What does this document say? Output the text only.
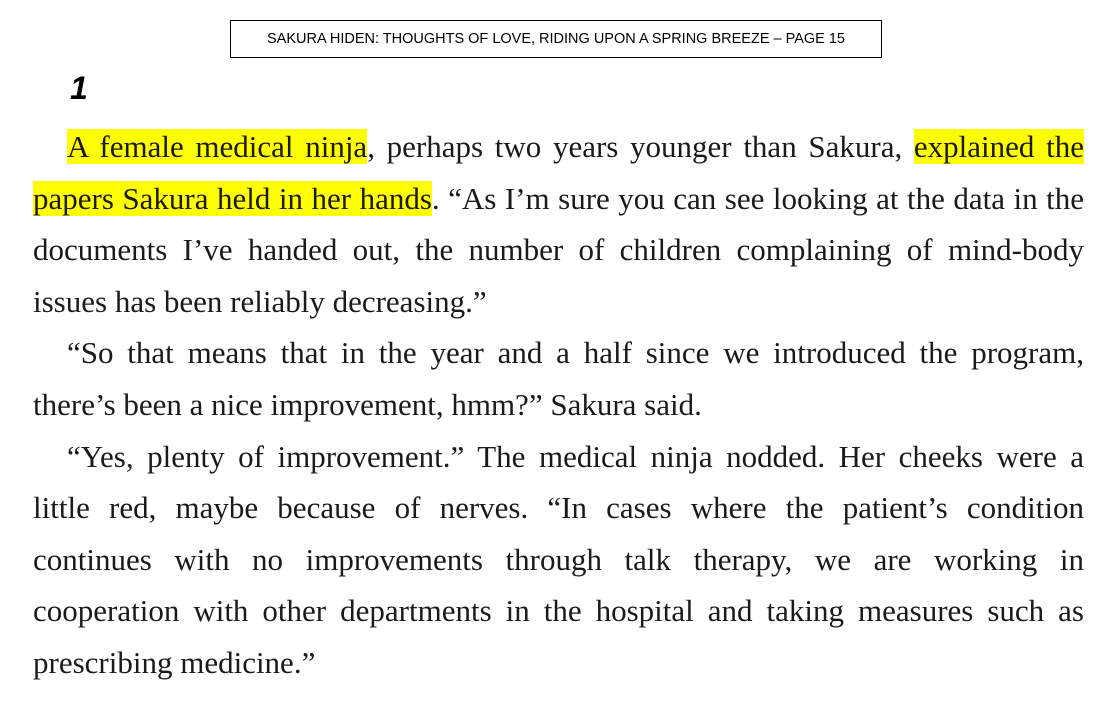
SAKURA HIDEN: THOUGHTS OF LOVE, RIDING UPON A SPRING BREEZE – PAGE 15
1

A female medical ninja, perhaps two years younger than Sakura, explained the papers Sakura held in her hands. “As I’m sure you can see looking at the data in the documents I’ve handed out, the number of children complaining of mind-body issues has been reliably decreasing.”

“So that means that in the year and a half since we introduced the program, there’s been a nice improvement, hmm?” Sakura said.

“Yes, plenty of improvement.” The medical ninja nodded. Her cheeks were a little red, maybe because of nerves. “In cases where the patient’s condition continues with no improvements through talk therapy, we are working in cooperation with other departments in the hospital and taking measures such as prescribing medicine.”
